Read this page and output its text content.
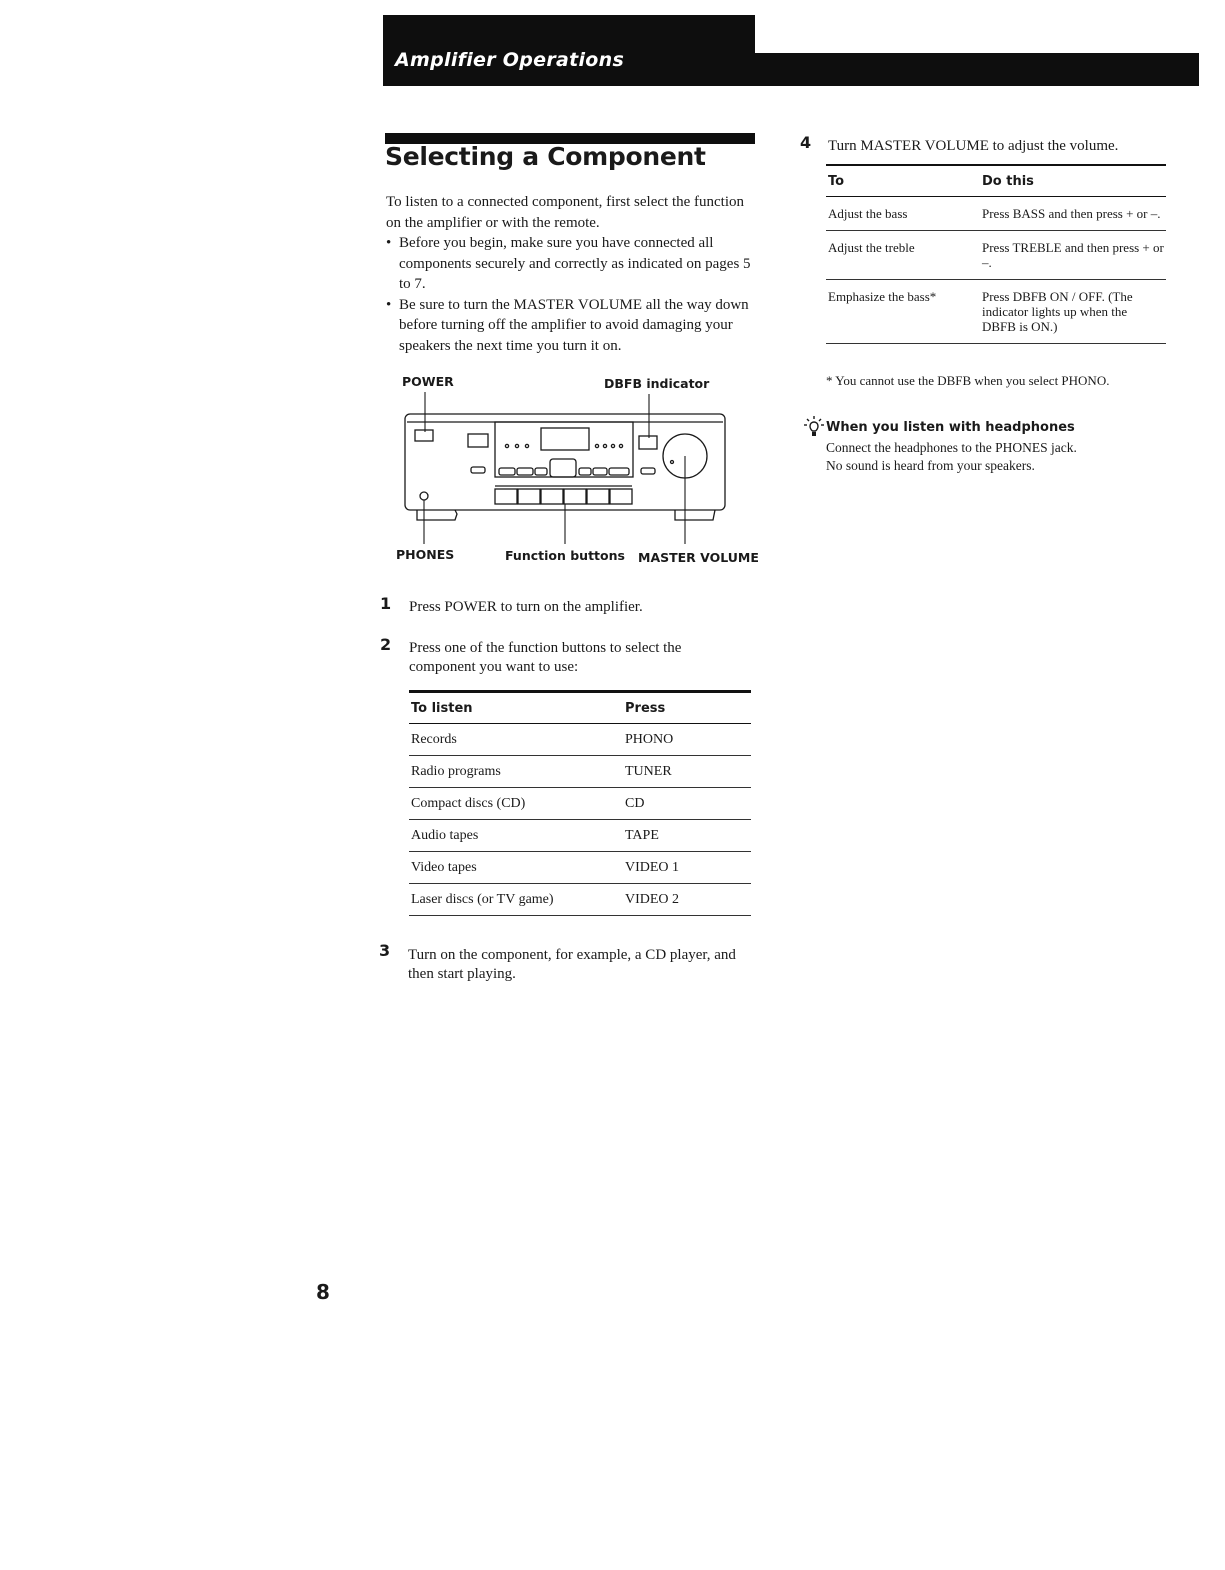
Amplifier Operations
Selecting a Component
To listen to a connected component, first select the function on the amplifier or with the remote.
• Before you begin, make sure you have connected all components securely and correctly as indicated on pages 5 to 7.
• Be sure to turn the MASTER VOLUME all the way down before turning off the amplifier to avoid damaging your speakers the next time you turn it on.
POWER	DBFB indicator
PHONES	Function buttons MASTER VOLUME
1 Press POWER to turn on the amplifier.
2 Press one of the function buttons to select the component you want to use:
To listen	Press
Records	PHONO
Radio programs	TUNER
Compact discs (CD)	CD
Audio tapes	TAPE
Video tapes	VIDEO 1
Laser discs (or TV game)	VIDEO 2
3 Turn on the component, for example, a CD player, and then start playing.
4 Turn MASTER VOLUME to adjust the volume.
To	Do this
Adjust the bass	Press BASS and then press + or –.
Adjust the treble	Press TREBLE and then press + or –.
Emphasize the bass*	Press DBFB ON / OFF. (The indicator lights up when the DBFB is ON.)
* You cannot use the DBFB when you select PHONO.
When you listen with headphones
Connect the headphones to the PHONES jack.
No sound is heard from your speakers.
8
